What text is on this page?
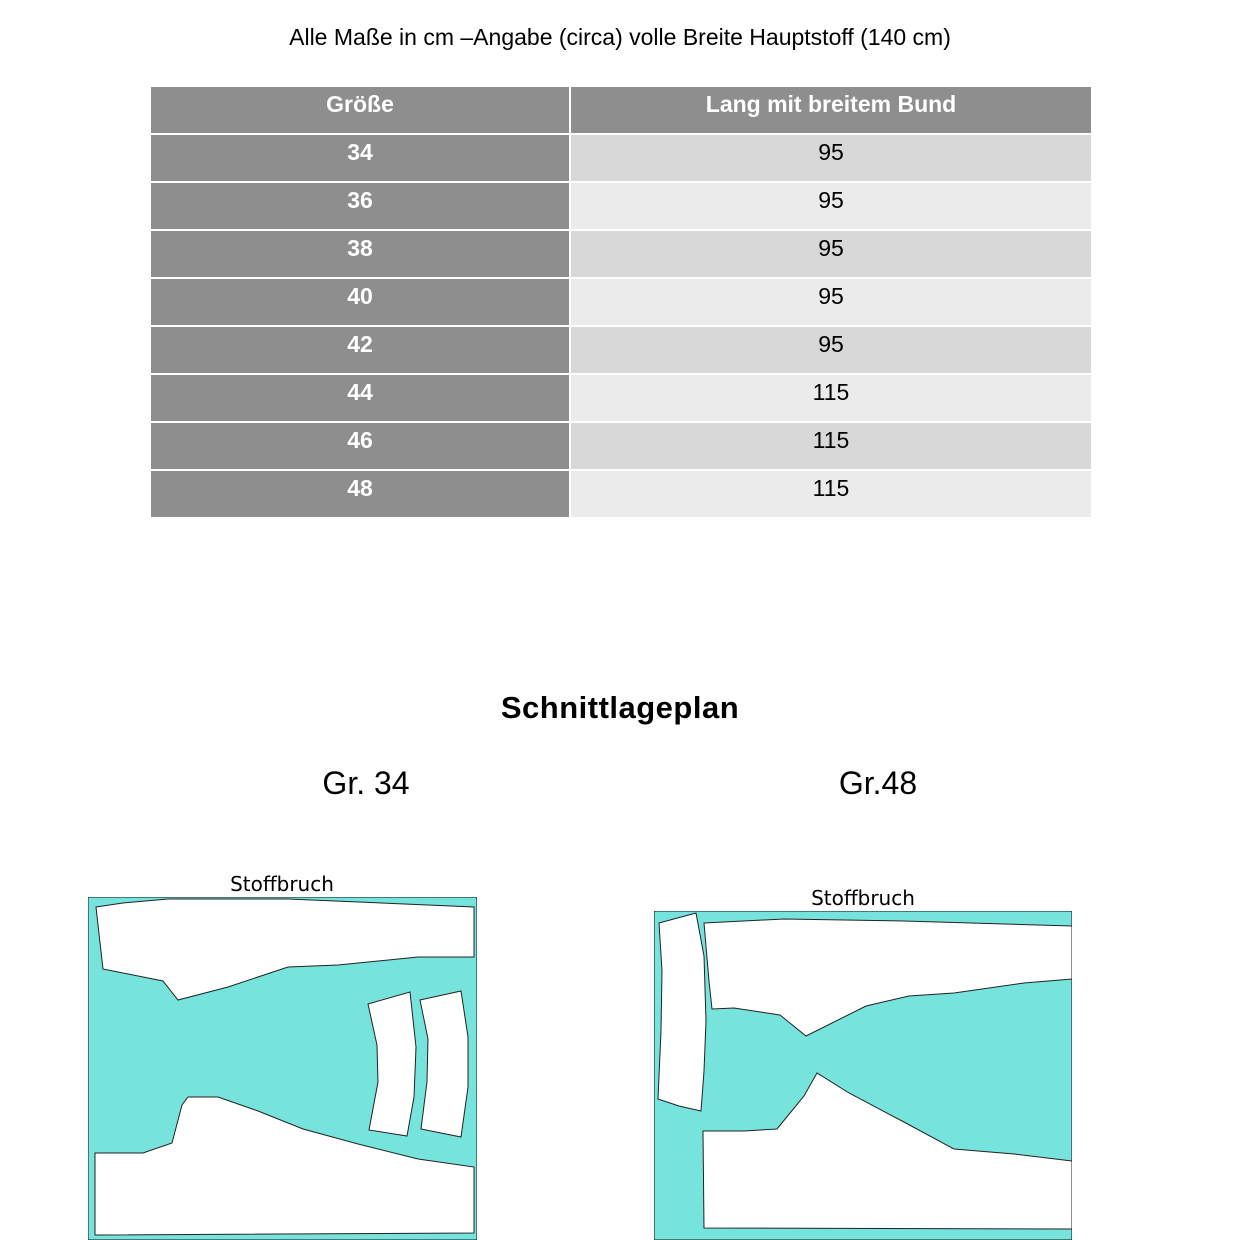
Alle Maße in cm –Angabe (circa) volle Breite Hauptstoff (140 cm)
Größe	Lang mit breitem Bund
34	95
36	95
38	95
40	95
42	95
44	115
46	115
48	115
Schnittlageplan
Gr. 34	Gr.48
Stoffbruch
Stoffbruch
